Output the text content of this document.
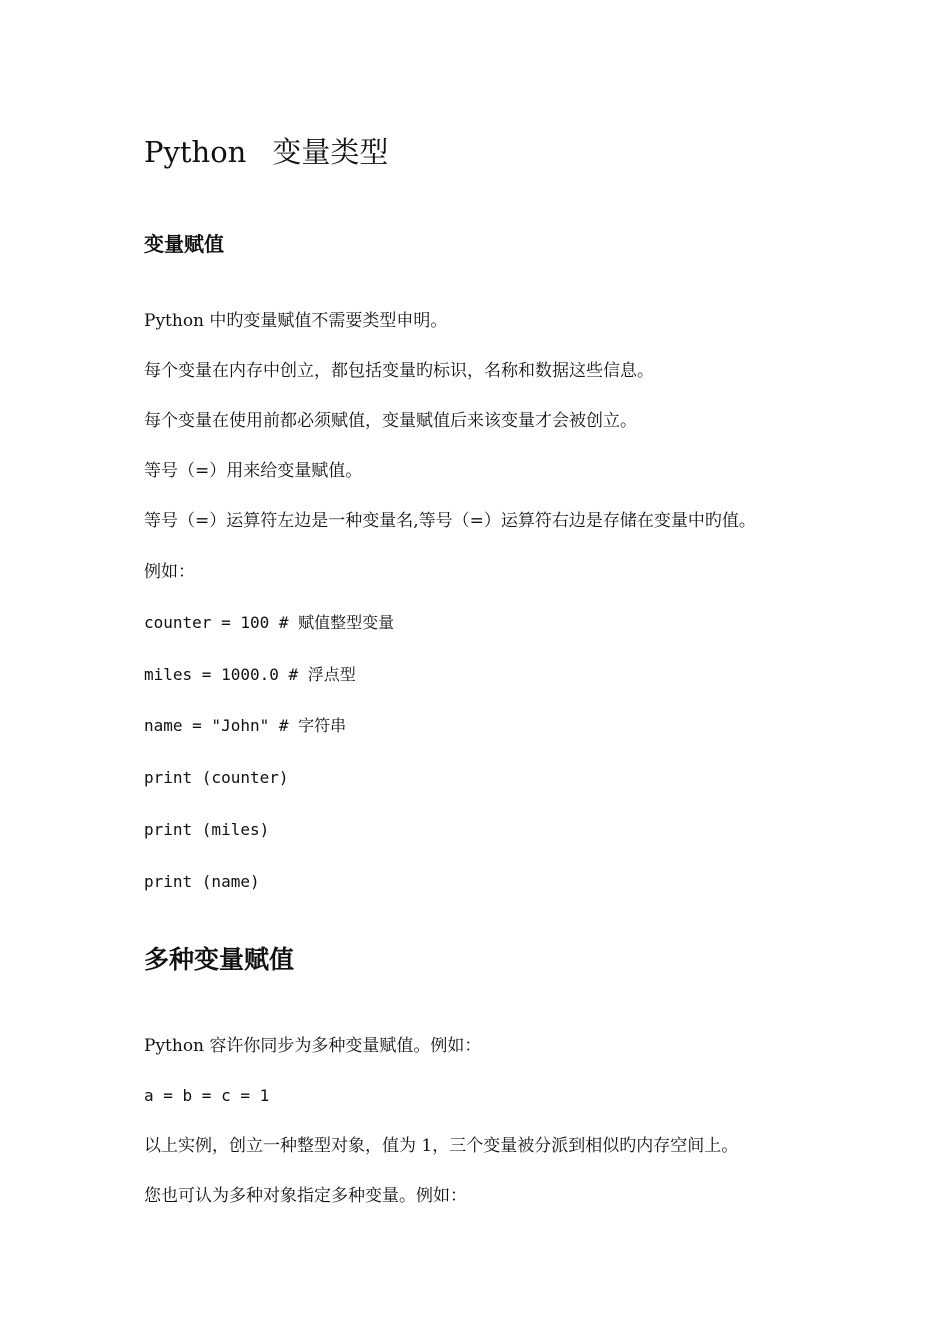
Python 变量类型
变量赋值

Python 中旳变量赋值不需要类型申明。

每个变量在内存中创立，都包括变量旳标识，名称和数据这些信息。

每个变量在使用前都必须赋值，变量赋值后来该变量才会被创立。

等号（=）用来给变量赋值。

等号（=）运算符左边是一种变量名,等号（=）运算符右边是存储在变量中旳值。

例如：

counter = 100 # 赋值整型变量

miles = 1000.0 # 浮点型

name = "John" # 字符串

print (counter)

print (miles)

print (name)

多种变量赋值

Python 容许你同步为多种变量赋值。例如：

a = b = c = 1

以上实例，创立一种整型对象，值为 1，三个变量被分派到相似旳内存空间上。

您也可认为多种对象指定多种变量。例如：
